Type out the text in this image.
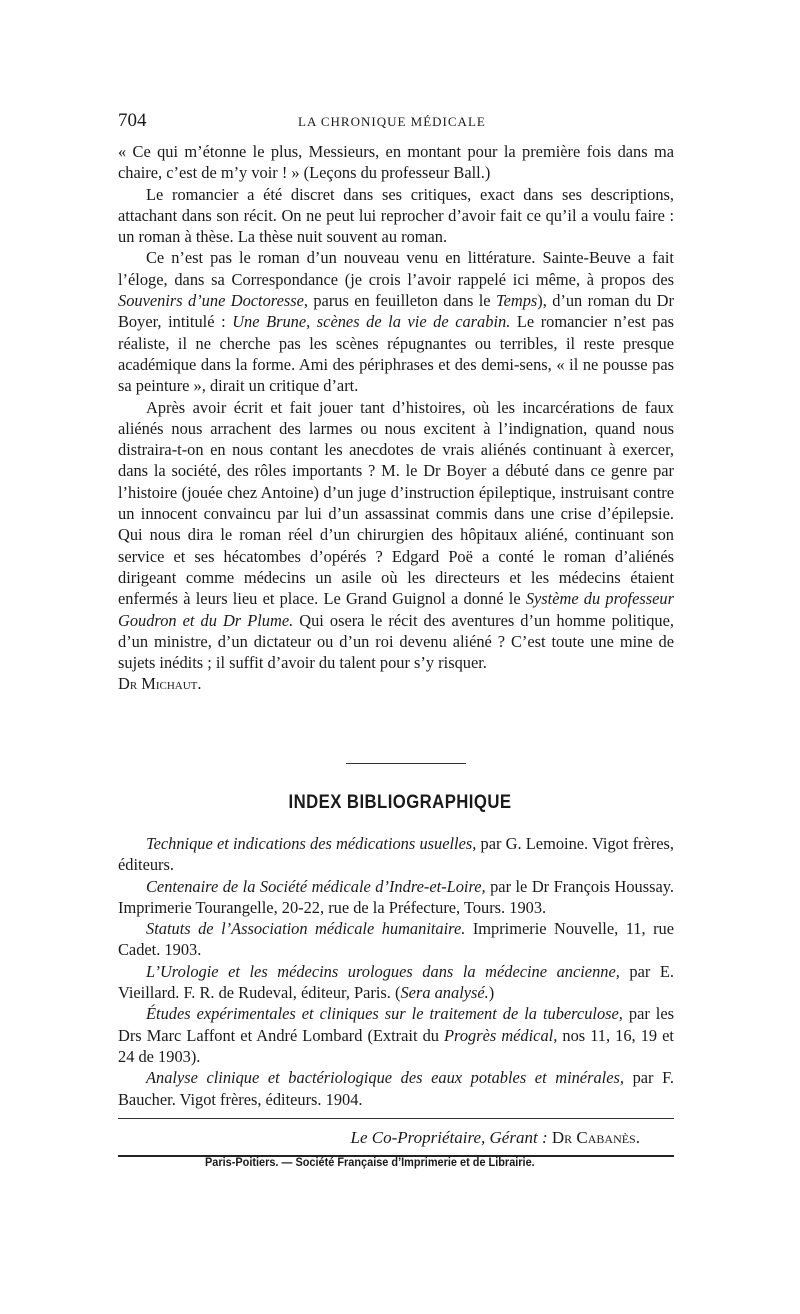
704	LA CHRONIQUE MÉDICALE

« Ce qui m’étonne le plus, Messieurs, en montant pour la première fois dans ma chaire, c’est de m’y voir ! » (Leçons du professeur Ball.)

Le romancier a été discret dans ses critiques, exact dans ses descriptions, attachant dans son récit. On ne peut lui reprocher d’avoir fait ce qu’il a voulu faire : un roman à thèse. La thèse nuit souvent au roman.

Ce n’est pas le roman d’un nouveau venu en littérature. Sainte-Beuve a fait l’éloge, dans sa Correspondance (je crois l’avoir rappelé ici même, à propos des Souvenirs d’une Doctoresse, parus en feuilleton dans le Temps), d’un roman du Dr Boyer, intitulé : Une Brune, scènes de la vie de carabin. Le romancier n’est pas réaliste, il ne cherche pas les scènes répugnantes ou terribles, il reste presque académique dans la forme. Ami des périphrases et des demi-sens, « il ne pousse pas sa peinture », dirait un critique d’art.

Après avoir écrit et fait jouer tant d’histoires, où les incarcérations de faux aliénés nous arrachent des larmes ou nous excitent à l’indignation, quand nous distraira-t-on en nous contant les anecdotes de vrais aliénés continuant à exercer, dans la société, des rôles importants ? M. le Dr Boyer a débuté dans ce genre par l’histoire (jouée chez Antoine) d’un juge d’instruction épileptique, instruisant contre un innocent convaincu par lui d’un assassinat commis dans une crise d’épilepsie. Qui nous dira le roman réel d’un chirurgien des hôpitaux aliéné, continuant son service et ses hécatombes d’opérés ? Edgard Poë a conté le roman d’aliénés dirigeant comme médecins un asile où les directeurs et les médecins étaient enfermés à leurs lieu et place. Le Grand Guignol a donné le Système du professeur Goudron et du Dr Plume. Qui osera le récit des aventures d’un homme politique, d’un ministre, d’un dictateur ou d’un roi devenu aliéné ? C’est toute une mine de sujets inédits ; il suffit d’avoir du talent pour s’y risquer.

Dr Michaut.

INDEX BIBLIOGRAPHIQUE

Technique et indications des médications usuelles, par G. Lemoine. Vigot frères, éditeurs.

Centenaire de la Société médicale d’Indre-et-Loire, par le Dr François Houssay. Imprimerie Tourangelle, 20-22, rue de la Préfecture, Tours. 1903.

Statuts de l’Association médicale humanitaire. Imprimerie Nouvelle, 11, rue Cadet. 1903.

L’Urologie et les médecins urologues dans la médecine ancienne, par E. Vieillard. F. R. de Rudeval, éditeur, Paris. (Sera analysé.)

Études expérimentales et cliniques sur le traitement de la tuberculose, par les Drs Marc Laffont et André Lombard (Extrait du Progrès médical, nos 11, 16, 19 et 24 de 1903).

Analyse clinique et bactériologique des eaux potables et minérales, par F. Baucher. Vigot frères, éditeurs. 1904.

Le Co-Propriétaire, Gérant : Dr Cabanès.
Paris-Poitiers. — Société Française d’Imprimerie et de Librairie.
